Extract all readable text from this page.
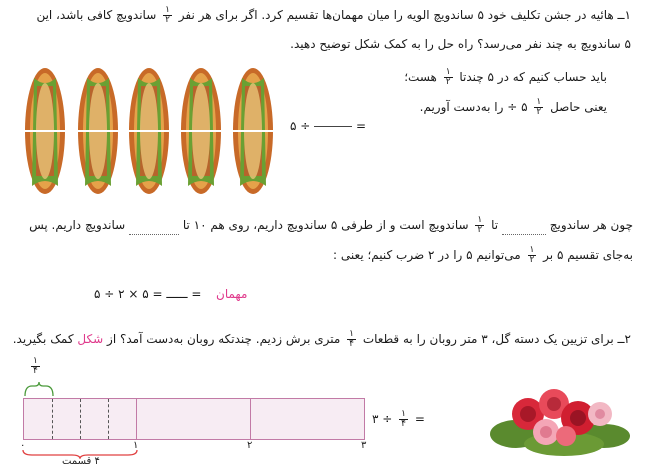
۱ــ هائیه در جشن تکلیف خود ۵ ساندویچ الویه را میان مهمان‌ها تقسیم کرد. اگر برای هر نفر
$\frac{۱}{۲}$
ساندویچ کافی باشد، این
۵ ساندویچ به چند نفر می‌رسد؟ راه حل را به کمک شکل توضیح دهید.
۵ ÷	=
باید حساب کنیم که در ۵ چندتا
$\frac{۱}{۲}$
هست؛
یعنی حاصل
$\frac{۱}{۲}$
۵ ÷ را به‌دست آوریم.
چون هر ساندویچ  تا
$\frac{۱}{۲}$
ساندویچ است و از طرفی ۵ ساندویچ داریم، روی هم ۱۰ تا  ساندویچ داریم. پس
به‌جای تقسیم ۵ بر
$\frac{۱}{۲}$
می‌توانیم ۵ را در ۲ ضرب کنیم؛ یعنی :
۵ ÷ ــــــ = ۵ × ۲ = مهمان
۲ــ برای تزیین یک دسته گل، ۳ متر روبان را به قطعات
$\frac{۱}{۴}$
متری برش زدیم. چندتکه روبان به‌دست آمد؟ از شکل کمک بگیرید.
$\frac{۱}{۴}$
۰	۱	۲	۳
۴ قسمت
۳ ÷ $\frac{۱}{۴}$ =
